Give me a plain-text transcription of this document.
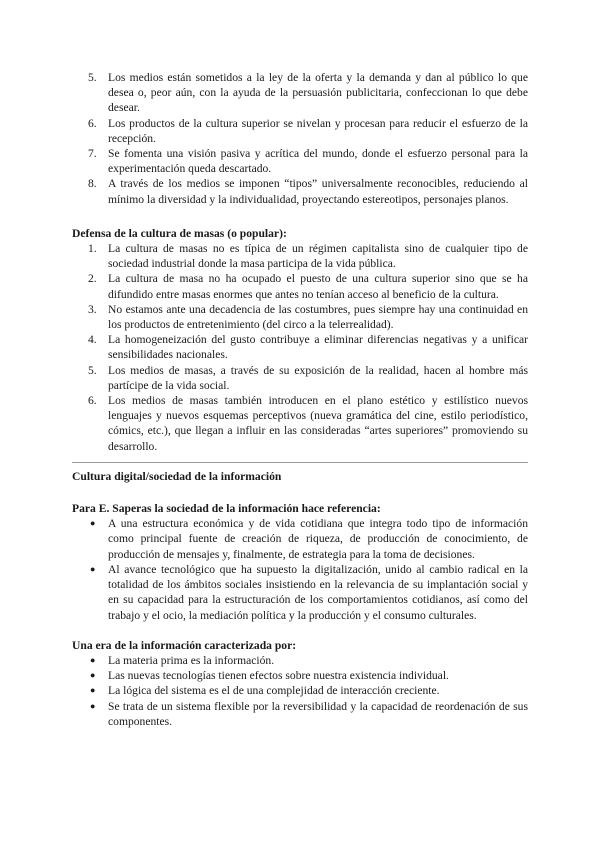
5. Los medios están sometidos a la ley de la oferta y la demanda y dan al público lo que desea o, peor aún, con la ayuda de la persuasión publicitaria, confeccionan lo que debe desear.
6. Los productos de la cultura superior se nivelan y procesan para reducir el esfuerzo de la recepción.
7. Se fomenta una visión pasiva y acrítica del mundo, donde el esfuerzo personal para la experimentación queda descartado.
8. A través de los medios se imponen “tipos” universalmente reconocibles, reduciendo al mínimo la diversidad y la individualidad, proyectando estereotipos, personajes planos.

Defensa de la cultura de masas (o popular):

1. La cultura de masas no es típica de un régimen capitalista sino de cualquier tipo de sociedad industrial donde la masa participa de la vida pública.
2. La cultura de masa no ha ocupado el puesto de una cultura superior sino que se ha difundido entre masas enormes que antes no tenían acceso al beneficio de la cultura.
3. No estamos ante una decadencia de las costumbres, pues siempre hay una continuidad en los productos de entretenimiento (del circo a la telerrealidad).
4. La homogeneización del gusto contribuye a eliminar diferencias negativas y a unificar sensibilidades nacionales.
5. Los medios de masas, a través de su exposición de la realidad, hacen al hombre más partícipe de la vida social.
6. Los medios de masas también introducen en el plano estético y estilístico nuevos lenguajes y nuevos esquemas perceptivos (nueva gramática del cine, estilo periodístico, cómics, etc.), que llegan a influir en las consideradas “artes superiores” promoviendo su desarrollo.

Cultura digital/sociedad de la información

Para E. Saperas la sociedad de la información hace referencia:

● A una estructura económica y de vida cotidiana que integra todo tipo de información como principal fuente de creación de riqueza, de producción de conocimiento, de producción de mensajes y, finalmente, de estrategia para la toma de decisiones.
● Al avance tecnológico que ha supuesto la digitalización, unido al cambio radical en la totalidad de los ámbitos sociales insistiendo en la relevancia de su implantación social y en su capacidad para la estructuración de los comportamientos cotidianos, así como del trabajo y el ocio, la mediación política y la producción y el consumo culturales.

Una era de la información caracterizada por:

● La materia prima es la información.
● Las nuevas tecnologías tienen efectos sobre nuestra existencia individual.
● La lógica del sistema es el de una complejidad de interacción creciente.
● Se trata de un sistema flexible por la reversibilidad y la capacidad de reordenación de sus componentes.
